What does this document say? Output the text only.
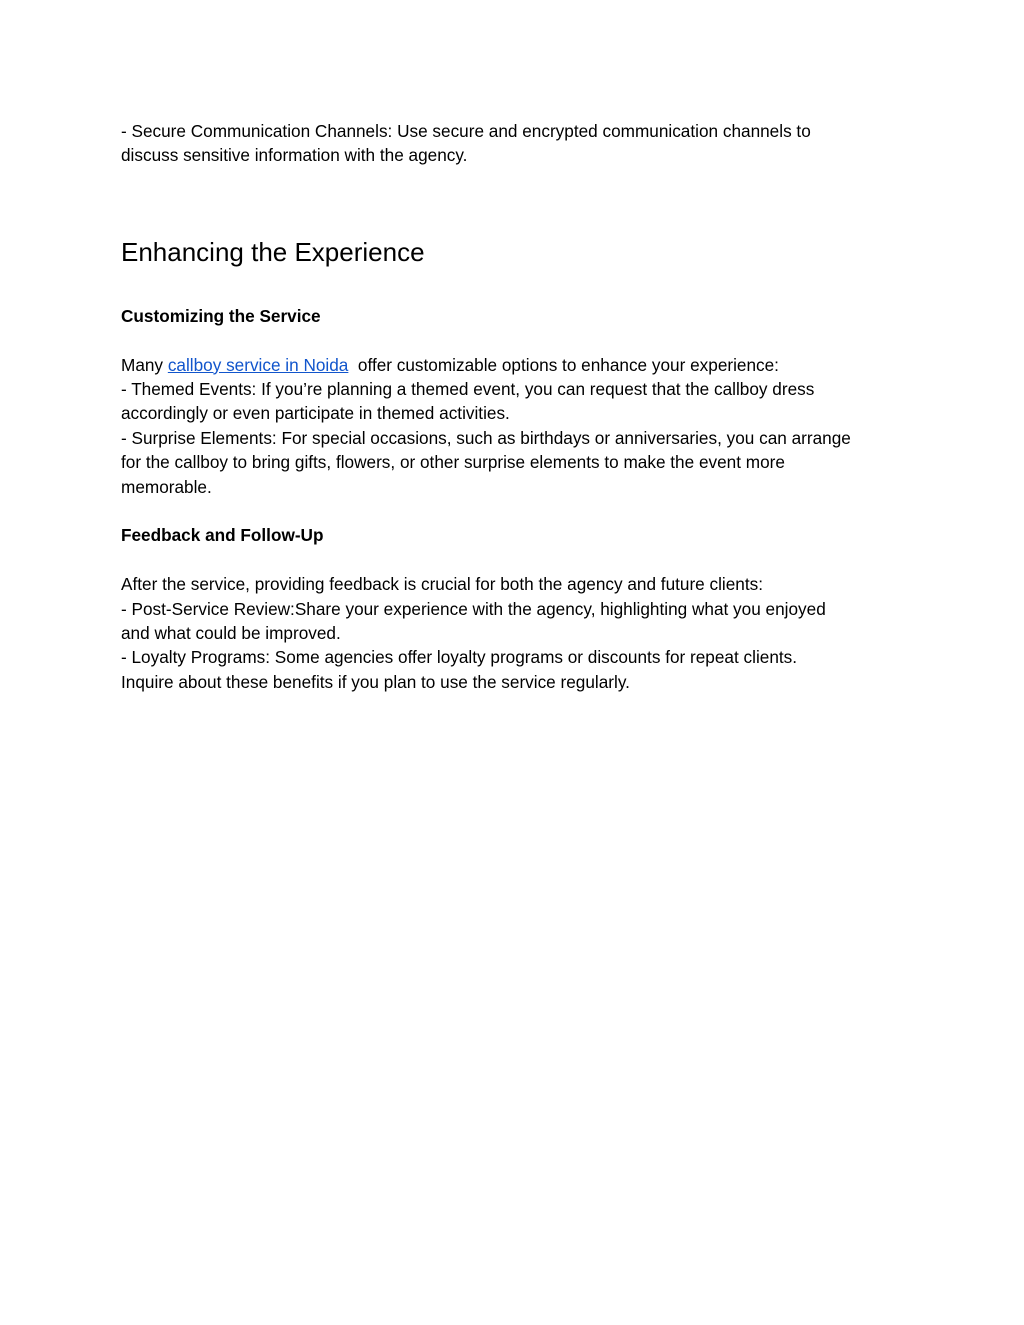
- Secure Communication Channels: Use secure and encrypted communication channels to
discuss sensitive information with the agency.

Enhancing the Experience
Customizing the Service

Many callboy service in Noida  offer customizable options to enhance your experience:
- Themed Events: If you’re planning a themed event, you can request that the callboy dress
accordingly or even participate in themed activities.
- Surprise Elements: For special occasions, such as birthdays or anniversaries, you can arrange
for the callboy to bring gifts, flowers, or other surprise elements to make the event more
memorable.

Feedback and Follow-Up

After the service, providing feedback is crucial for both the agency and future clients:
- Post-Service Review:Share your experience with the agency, highlighting what you enjoyed
and what could be improved.
- Loyalty Programs: Some agencies offer loyalty programs or discounts for repeat clients.
Inquire about these benefits if you plan to use the service regularly.
